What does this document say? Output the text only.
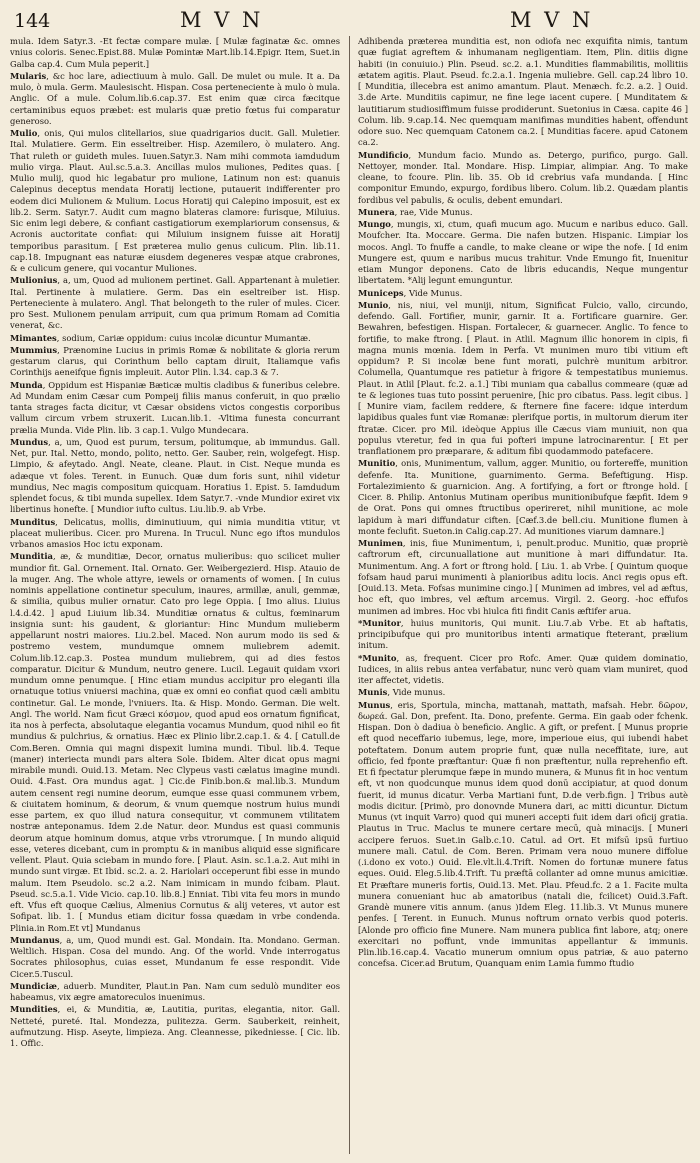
144	M V N	M V N

mula. Idem Satyr.3. -Et fectæ compare mulæ. [ Mulæ faginatæ &c. omnes vnius coloris. Senec.Epist.88. Mulæ Pomintæ Mart.lib.14.Epigr. Item, Suet.in Galba cap.4. Cum Mula peperit.]

Mularis, &c hoc lare, adiectiuum à mulo. Gall. De mulet ou mule. It a. Da mulo, ò mula. Germ. Maulesischt. Hispan. Cosa perteneciente à mulo ò mula. Anglic. Of a mule. Colum.lib.6.cap.37. Est enim quæ circa fæcitque certaminibus equos præbet: est mularis quæ pretio fœtus fui comparatur generoso.

Mulio, onis, Qui mulos clitellarios, siue quadrigarios ducit. Gall. Muletier. Ital. Mulatiere. Germ. Ein esseltreiber. Hisp. Azemilero, ò mulatero. Ang. That ruleth or guideth mules. Iuuen.Satyr.3. Nam mihi commota iamdudum mulio virga. Plaut. Aul.sc.5.a.3. Ancillas mulos muliones, Pedites quas. [ Mulio mulij, quod hic legabatur pro mulione, Latinum non est: quanuis Calepinus deceptus mendata Horatij lectione, putauerit indifferenter pro eodem dici Mulionem & Mulium. Locus Horatij qui Calepino imposuit, est ex lib.2. Serm. Satyr.7. Audit cum magno blateras clamore: furisque, Miluius. Sic enim legi debere, & confiant castigatiorum exemplariorum consensus, & Acronis auctoritate confiat: qui Miluium insignem fuisse ait Horatij temporibus parasitum. [ Est præterea mulio genus culicum. Plin. lib.11. cap.18. Impugnant eas naturæ eiusdem degeneres vespæ atque crabrones, & e culicum genere, qui vocantur Muliones.

Mulionius, a, um, Quod ad mulionem pertinet. Gall. Appartenant à muletier. Ital. Pertinente à mulatiere. Germ. Das ein eseltreiber ist. Hisp. Perteneciente à mulatero. Angl. That belongeth to the ruler of mules. Cicer. pro Sest. Mulionem penulam arripuit, cum qua primum Romam ad Comitia venerat, &c.

Mimantes, sodium, Cariæ oppidum: cuius incolæ dicuntur Mumantæ.

Mummius, Prænomine Lucius in primis Romæ & nobilitate & gloria rerum gestarum clarus, qui Corinthum bello captam diruit, Italiamque vafis Corinthijs aeneifque fignis impleuit. Autor Plin. l.34. cap.3 & 7.

Munda, Oppidum est Hispaniæ Bæticæ multis cladibus & funeribus celebre. Ad Mundam enim Cæsar cum Pompeij filiis manus conferuit, in quo prælio tanta strages facta dicitur, vt Cæsar obsidens victos congestis corporibus vallum circum vrbem struxerit. Lucan.lib.1. -Vltima funesta concurrant prælia Munda. Vide Plin. lib. 3 cap.1. Vulgo Mundecara.

Mundus, a, um, Quod est purum, tersum, politumque, ab immundus. Gall. Net, pur. Ital. Netto, mondo, polito, netto. Ger. Sauber, rein, wolgefegt. Hisp. Limpio, & afeytado. Angl. Neate, cleane. Plaut. in Cist. Neque munda es adæque vt foles. Terent. in Eunuch. Quæ dum foris sunt, nihil videtur mundius, Nec magis compositum quicquam. Horatius 1. Epist. 5. Iamdudum splendet focus, & tibi munda supellex. Idem Satyr.7. -vnde Mundior exiret vix libertinus honefte. [ Mundior iufto cultus. Liu.lib.9. ab Vrbe.

Munditus, Delicatus, mollis, diminutiuum, qui nimia munditia vtitur, vt placeat mulieribus. Cicer. pro Murena. In Trucul. Nunc ego iftos mundulos vrbanos amasios Hoc ictu exponam.

Munditia, æ, & munditiæ, Decor, ornatus mulieribus: quo scilicet mulier mundior fit. Gal. Ornement. Ital. Ornato. Ger. Weibergezierd. Hisp. Atauio de la muger. Ang. The whole attyre, iewels or ornaments of women. [ In cuius nominis appellatione continetur speculum, inaures, armillæ, anuli, gemmæ, & similia, quibus mulier ornatur. Cato pro lege Oppia. [ Imo alius. Liuius l.4.d.42. ] apud Liuium lib.34. Munditiæ ornatus & cultus, fœminarum insignia sunt: his gaudent, & gloriantur: Hinc Mundum mulieberm appellarunt nostri maiores. Liu.2.bel. Maced. Non aurum modo iis sed & postremo vestem, mundumque omnem muliebrem ademit. Colum.lib.12.cap.3. Postea mundum muliebrem, qui ad dies festos comparatur. Dicitur & Mundum, neutro genere. Lucil. Legauit quidam vxori mundum omne penumque. [ Hinc etiam mundus accipitur pro eleganti illa ornatuque totius vniuersi machina, quæ ex omni eo confiat quod cæli ambitu continetur. Gal. Le monde, l'vniuers. Ita. & Hisp. Mondo. German. Die welt. Angl. The world. Nam ficut Græci κόσμον, quod apud eos ornatum fignificat, ita nos à perfecta, absolutaque elegantia vocamus Mundum, quod nihil eo fit mundius & pulchrius, & ornatius. Hæc ex Plinio libr.2.cap.1. & 4. [ Catull.de Com.Beren. Omnia qui magni dispexit lumina mundi. Tibul. lib.4. Teque (maner) interiecta mundi pars altera Sole. Ibidem. Alter dicat opus magni mirabile mundi. Ouid.13. Metam. Nec Clypeus vasti cælatus imagine mundi. Ouid. 4.Fast. Ora mundus agat. ] Cic.de Finib.bon.& mal.lib.3. Mundum autem censent regi numine deorum, eumque esse quasi communem vrbem, & ciuitatem hominum, & deorum, & vnum quemque nostrum huius mundi esse partem, ex quo illud natura consequitur, vt communem vtilitatem nostræ anteponamus. Idem 2.de Natur. deor. Mundus est quasi communis deorum atque hominum domus, atque vrbs vtrorumque. [ In mundo aliquid esse, veteres dicebant, cum in promptu & in manibus aliquid esse significare vellent. Plaut. Quia sciebam in mundo fore. [ Plaut. Asin. sc.1.a.2. Aut mihi in mundo sunt virgæ. Et Ibid. sc.2. a. 2. Hariolari occeperunt fibi esse in mundo malum. Item Pseudolo. sc.2 a.2. Nam inimicam in mundo fcibam. Plaut. Pseud. sc.5.a.1. Vide Vicio. cap.10. lib.8.] Enniat. Tibi vita feu mors in mundo eft. Vfus eft quoque Cælius, Almenius Cornutus & alij veteres, vt autor est Sofipat. lib. 1. [ Mundus etiam dicitur fossa quædam in vrbe condenda. Plinia.in Rom.Et vt] Mundanus

Mundanus, a, um, Quod mundi est. Gal. Mondain. Ita. Mondano. German. Weltlich. Hispan. Cosa del mundo. Ang. Of the world. Vnde interrogatus Socrates philosophus, cuias esset, Mundanum fe esse respondit. Vide Cicer.5.Tuscul.

Mundiciæ, aduerb. Munditer, Plaut.in Pan. Nam cum sedulò munditer eos habeamus, vix ægre amatoreculos inuenimus.

Mundities, ei, & Munditia, æ, Lautitia, puritas, elegantia, nitor. Gall. Netteté, pureté. Ital. Mondezza, pulitezza. Germ. Sauberkeit, reinheit, aufmutzung. Hisp. Aseyte, limpieza. Ang. Cleannesse, pikedniesse. [ Cic. lib. 1. Offic.

Adhibenda præterea munditia est, non odiofa nec exquifita nimis, tantum quæ fugiat agreftem & inhumanam negligentiam. Item, Plin. ditiis digne habiti (in conuiuio.) Plin. Pseud. sc.2. a.1. Mundities flammabilitis, mollitiis ætatem agitis. Plaut. Pseud. fc.2.a.1. Ingenia muliebre. Gell. cap.24 libro 10. [ Munditia, illecebra est animo amantum. Plaut. Menæch. fc.2. a.2. ] Ouid. 3.de Arte. Munditiis capimur, ne fine lege iacent cupere. [ Munditatem & lautitiarum studiosiffimum fuisse prodiderunt. Suetonius in Cæsa. capite 46 ] Colum. lib. 9.cap.14. Nec quemquam manifimas mundities habent, offendunt odore suo. Nec quemquam Catonem ca.2. [ Munditias facere. apud Catonem ca.2.

Mundificio, Mundum facio. Mundo as. Detergo, purifico, purgo. Gall. Nettoyer, monder. Ital. Mondare. Hisp. Limpiar, alimpiar. Ang. To make cleane, to fcoure. Plin. lib. 35. Ob id crebrius vafa mundanda. [ Hinc componitur Emundo, expurgo, fordibus libero. Colum. lib.2. Quædam plantis fordibus vel pabulis, & oculis, debent emundari.

Munera, rae, Vide Munus.

Mungo, mungis, xi, ctum, quafi mucum ago. Mucum e naribus educo. Gall. Moufcher. Ita. Moccare. Germa. Die nafen butzen. Hispanic. Limpiar los mocos. Angl. To fnuffe a candle, to make cleane or wipe the nofe. [ Id enim Mungere est, quum e naribus mucus trahitur. Vnde Emungo fit, Inuenitur etiam Mungor deponens. Cato de libris educandis, Neque mungentur libertatem. *Alij legunt emunguntur.

Municeps, Vide Munus.

Munio, nis, niui, vel muniji, nitum, Significat Fulcio, vallo, circundo, defendo. Gall. Fortifier, munir, garnir. It a. Fortificare guarnire. Ger. Bewahren, befestigen. Hispan. Fortalecer, & guarnecer. Anglic. To fence to fortifie, to make ftrong. [ Plaut. in Atlil. Magnum illic honorem in cipis, fi magna munis mœnia. Idem in Perfa. Vt munimen muro tibi vitium eft oppidum? P. Si incolæ bene funt morati, pulchrè munitum arbitror. Columella, Quantumque res patietur à frigore & tempestatibus muniemus. Plaut. in Atlil [Plaut. fc.2. a.1.] Tibi muniam qua caballus commeare (quæ ad te & legiones tuas tuto possint peruenire, [hic pro cibatus. Pass. legit cibus. ] [ Munire viam, facilem reddere, & fternere fine facere: idque interdum lapidibus quales funt viæ Romanæ: plerifque portis, in multorum dierum iter ftratæ. Cicer. pro Mil. ideòque Appius ille Cæcus viam muniuit, non qua populus vteretur, fed in qua fui pofteri impune latrocinarentur. [ Et per tranflationem pro præparare, & aditum fibi quodammodo patefacere.

Munitio, onis, Munimentum, vallum, agger. Munitio, ou fortereffe, munition defenfe. Ita. Munitione, guarnimento. Germa. Befeftigung. Hisp. Fortalezimiento & guarnicion. Ang. A fortifying, a fort or ftronge hold. [ Cicer. 8. Philip. Antonius Mutinam operibus munitionibufque fæpfit. Idem 9 de Orat. Pons qui omnes ftructibus operireret, nihil munitione, ac mole lapidum à mari diffundatur ciften. [Cæf.3.de bell.ciu. Munitione flumen à monte feclufit. Sueton.in Calig.cap.27. Ad munitiones viarum damnare.]

Munimen, inis, fiue Munimentum, i, penult.produc. Munitio, quæ propriè caftrorum eft, circunuallatione aut munitione à mari diffundatur. Ita. Munimentum. Ang. A fort or ftrong hold. [ Liu. 1. ab Vrbe. [ Quintum quoque fofsam haud parui munimenti à planioribus aditu locis. Anci regis opus eft. [Ouid.13. Meta. Fofsas munimine cingo.] [ Munimen ad imbres, vel ad æftus, hoc eft, quo imbres, vel æftum arcemus. Virgil. 2. Georg. -hoc effufos munimen ad imbres. Hoc vbi hiulca fiti findit Canis æftifer arua.

*Munitor, huius munitoris, Qui munit. Liu.7.ab Vrbe. Et ab haftatis, principibufque qui pro munitoribus intenti armatique fteterant, prælium initum.

*Munito, as, frequent. Cicer pro Rofc. Amer. Quæ quidem dominatio, Iudices, in aliis rebus antea verfabatur, nunc verò quam viam muniret, quod iter affectet, videtis.

Munis, Vide munus.

Munus, eris, Sportula, mincha, mattanah, mattath, mafsah. Hebr. δῶρον, δωρεά. Gal. Don, prefent. Ita. Dono, prefente. Germa. Ein gaab oder fchenk. Hispan. Don ò dadiua ò beneficio. Anglic. A gift, or prefent. [ Munus proprie eft quod neceffario iubemus, lege, more, imperioue eius, qui iubendi habet poteftatem. Donum autem proprie funt, quæ nulla neceffitate, iure, aut officio, fed fponte præftantur: Quæ fi non præftentur, nulla reprehenfio eft. Et fi fpectatur plerumque fæpe in mundo munera, & Munus fit in hoc ventum eft, vt non quodcunque munus idem quod donū accipiatur, at quod donum fuerit, id munus dicatur. Verba Martiani funt, D.de verb.fign. ] Tribus autè modis dicitur. [Primò, pro donovnde Munera dari, ac mitti dicuntur. Dictum Munus (vt inquit Varro) quod qui muneri accepti fuit idem dari oficij gratia. Plautus in Truc. Maclus te munere certare mecū, quà minacijs. [ Muneri accipere feruos. Suet.in Galb.c.10. Catul. ad Ort. Et mifsū ipsū furtiuo munere mali. Catul. de Com. Beren. Primam vera nouo munere diffolue (.i.dono ex voto.) Ouid. Ele.vlt.li.4.Trift. Nomen do fortunæ munere fatus eques. Ouid. Eleg.5.lib.4.Trift. Tu præftā collanter ad omne munus amicitiæ. Et Præftare muneris fortis, Ouid.13. Met. Plau. Pfeud.fc. 2 a 1. Facite multa munera conueniant huc ab amatoribus (natali die, fcilicet) Ouid.3.Faft. Grandè munere vitis annum. (anus )Idem Eleg. 11.lib.3. Vt Munus munere penfes. [ Terent. in Eunuch. Munus noftrum ornato verbis quod poteris. [Alonde pro officio fine Munere. Nam munera publica fint labore, atq; onere exercitari no poffunt, vnde immunitas appellantur & immunis. Plin.lib.16.cap.4. Vacatio munerum omnium opus patriæ, & auo paterno concefsa. Cicer.ad Brutum, Quanquam enim Lamia fummo ftudio
